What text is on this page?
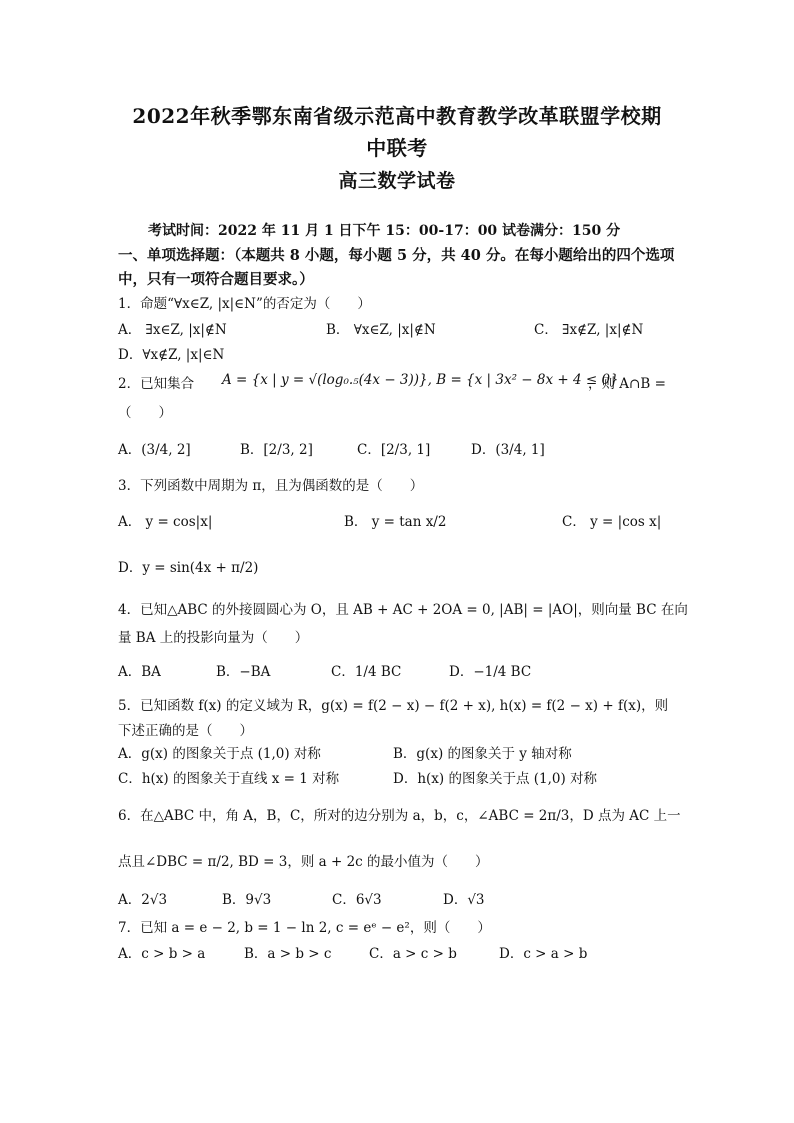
2022年秋季鄂东南省级示范高中教育教学改革联盟学校期
中联考
高三数学试卷
考试时间：2022 年 11 月 1 日下午 15：00-17：00 试卷满分：150 分
一、单项选择题：（本题共 8 小题，每小题 5 分，共 40 分。在每小题给出的四个选项中，只有一项符合题目要求。）
1．命题“∀x∈Z, |x|∈N”的否定为（　　）
A． ∃x∈Z, |x|∉N	B． ∀x∈Z, |x|∉N	C． ∃x∉Z, |x|∉N
D．∀x∉Z, |x|∈N
2．已知集合 A = {x | y = √(log₀.₅(4x − 3))}, B = {x | 3x² − 8x + 4 ≤ 0}
，则 A∩B =
（　　）
A．(3/4, 2]	B．[2/3, 2]	C．[2/3, 1]	D．(3/4, 1]
3．下列函数中周期为 π，且为偶函数的是（　　）
A． y = cos|x|	B． y = tan x/2	C． y = |cos x|
D．y = sin(4x + π/2)
4．已知△ABC 的外接圆圆心为 O，且 AB + AC + 2OA = 0, |AB| = |AO|，则向量 BC 在向
量 BA 上的投影向量为（　　）
A．BA	B．−BA	C．1/4 BC	D．−1/4 BC
5．已知函数 f(x) 的定义域为 R，g(x) = f(2 − x) − f(2 + x), h(x) = f(2 − x) + f(x)，则
下述正确的是（　　）
A．g(x) 的图象关于点 (1,0) 对称	B．g(x) 的图象关于 y 轴对称
C．h(x) 的图象关于直线 x = 1 对称	D．h(x) 的图象关于点 (1,0) 对称
6．在△ABC 中，角 A，B，C，所对的边分别为 a，b，c，∠ABC = 2π/3，D 点为 AC 上一
点且∠DBC = π/2, BD = 3，则 a + 2c 的最小值为（　　）
A．2√3	B．9√3	C．6√3	D．√3
7．已知 a = e − 2, b = 1 − ln 2, c = eᵉ − e²，则（　　）
A．c > b > a	B．a > b > c	C．a > c > b	D．c > a > b
